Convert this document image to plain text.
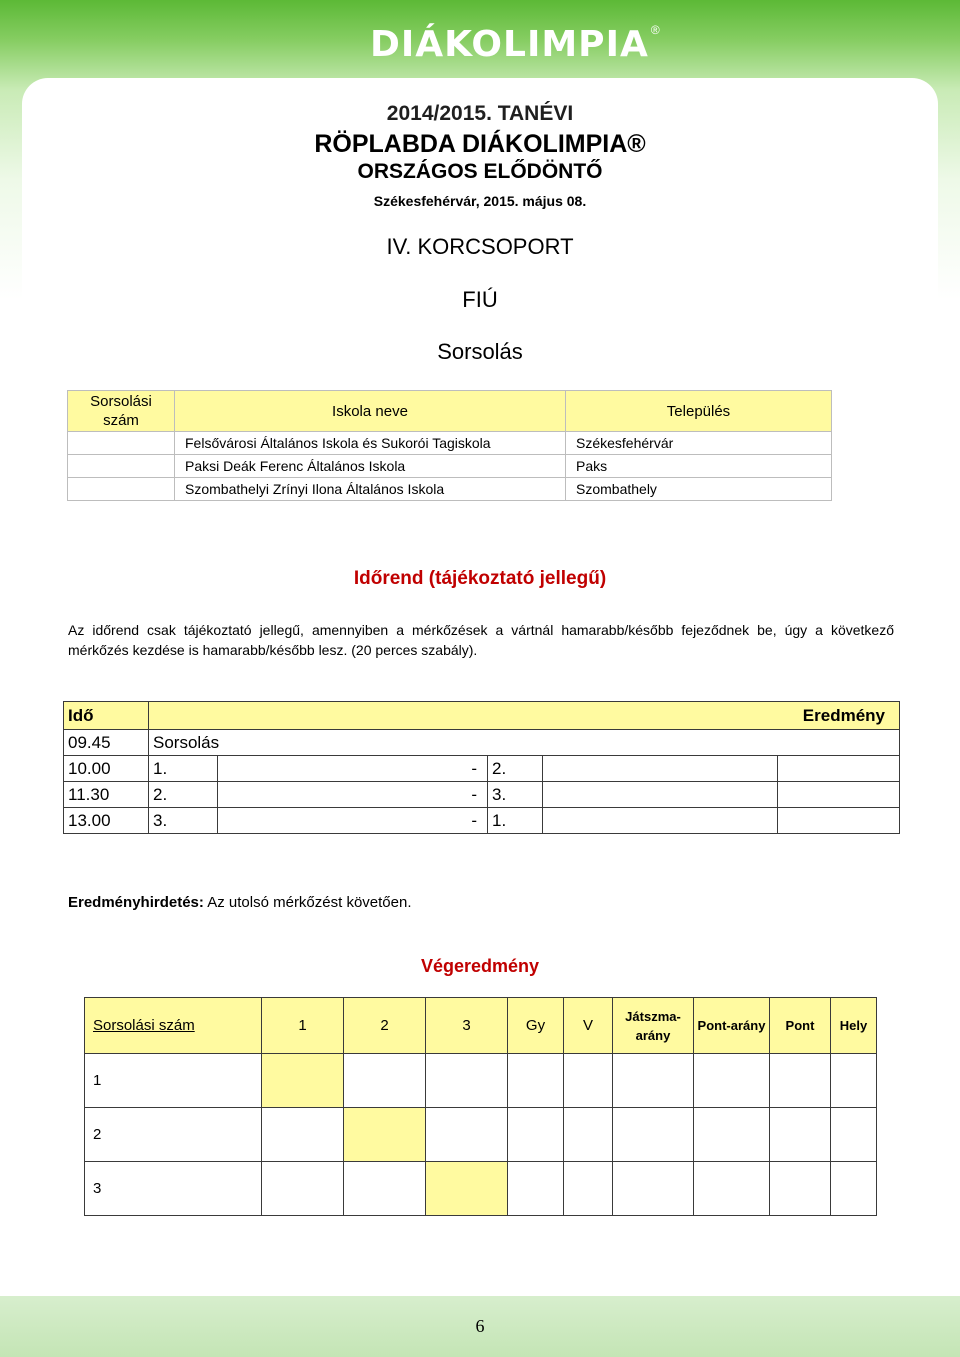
DIÁKOLIMPIA ®
2014/2015. TANÉVI
RÖPLABDA DIÁKOLIMPIA®
ORSZÁGOS ELŐDÖNTŐ
Székesfehérvár, 2015. május 08.
IV. KORCSOPORT
FIÚ
Sorsolás
Sorsolási szám	Iskola neve	Település
	Felsővárosi Általános Iskola és Sukorói Tagiskola	Székesfehérvár
	Paksi Deák Ferenc Általános Iskola	Paks
	Szombathelyi Zrínyi Ilona Általános Iskola	Szombathely
Időrend (tájékoztató jellegű)
Az időrend csak tájékoztató jellegű, amennyiben a mérkőzések a vártnál hamarabb/később fejeződnek be, úgy a következő mérkőzés kezdése is hamarabb/később lesz. (20 perces szabály).
Idő					Eredmény
09.45	Sorsolás				
10.00	1.	-	2.		
11.30	2.	-	3.		
13.00	3.	-	1.		
Eredményhirdetés: Az utolsó mérkőzést követően.
Végeredmény
Sorsolási szám	1	2	3	Gy	V	Játszma-arány	Pont-arány	Pont	Hely
1									
2									
3									
6
